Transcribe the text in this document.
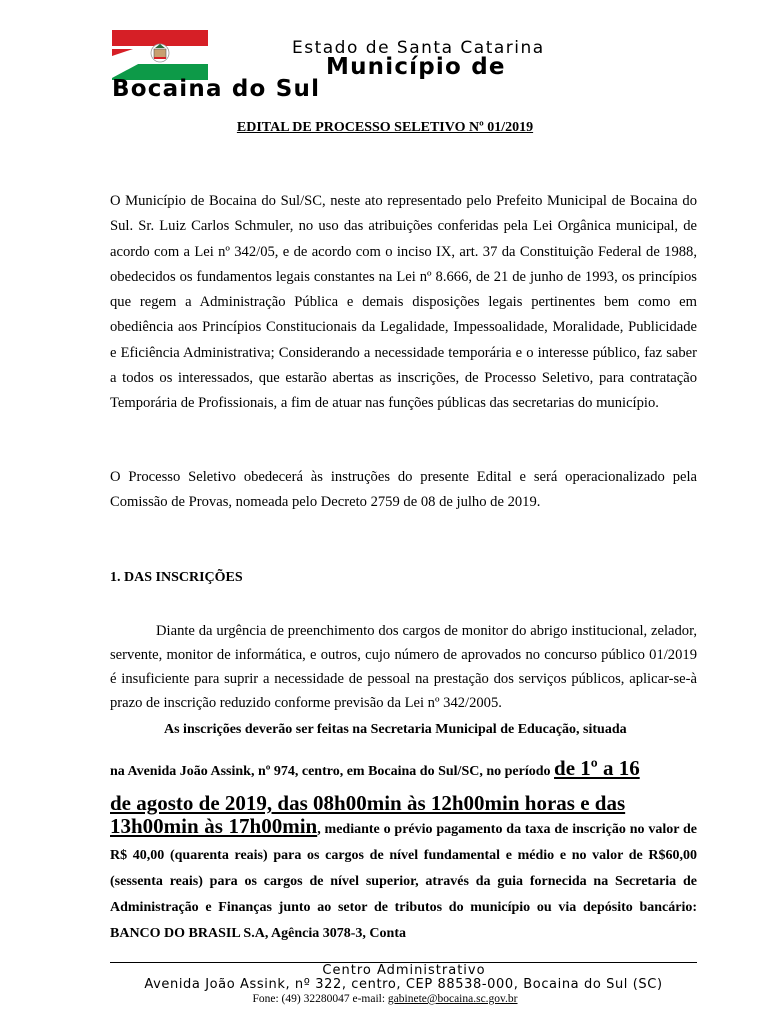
Estado de Santa Catarina
Município de
Bocaina do Sul
EDITAL DE PROCESSO SELETIVO Nº 01/2019

O Município de Bocaina do Sul/SC, neste ato representado pelo Prefeito Municipal de Bocaina do Sul. Sr. Luiz Carlos Schmuler, no uso das atribuições conferidas pela Lei Orgânica municipal, de acordo com a Lei nº 342/05, e de acordo com o inciso IX, art. 37 da Constituição Federal de 1988, obedecidos os fundamentos legais constantes na Lei nº 8.666, de 21 de junho de 1993, os princípios que regem a Administração Pública e demais disposições legais pertinentes bem como em obediência aos Princípios Constitucionais da Legalidade, Impessoalidade, Moralidade, Publicidade e Eficiência Administrativa; Considerando a necessidade temporária e o interesse público, faz saber a todos os interessados, que estarão abertas as inscrições, de Processo Seletivo, para contratação Temporária de Profissionais, a fim de atuar nas funções públicas das secretarias do município.

O Processo Seletivo obedecerá às instruções do presente Edital e será operacionalizado pela Comissão de Provas, nomeada pelo Decreto 2759 de 08 de julho de 2019.

1. DAS INSCRIÇÕES

Diante da urgência de preenchimento dos cargos de monitor do abrigo institucional, zelador, servente, monitor de informática, e outros, cujo número de aprovados no concurso público 01/2019 é insuficiente para suprir a necessidade de pessoal na prestação dos serviços públicos, aplicar-se-à prazo de inscrição reduzido conforme previsão da Lei nº 342/2005.

As inscrições deverão ser feitas na Secretaria Municipal de Educação, situada

na Avenida João Assink, nº 974, centro, em Bocaina do Sul/SC, no período de 1º a 16
de agosto de 2019, das 08h00min às 12h00min horas e das
13h00min às 17h00min, mediante o prévio pagamento da taxa de inscrição no valor de R$ 40,00 (quarenta reais) para os cargos de nível fundamental e médio e no valor de R$60,00 (sessenta reais) para os cargos de nível superior, através da guia fornecida na Secretaria de Administração e Finanças junto ao setor de tributos do município ou via depósito bancário: BANCO DO BRASIL S.A, Agência 3078-3, Conta
Centro Administrativo
Avenida João Assink, nº 322, centro, CEP 88538-000, Bocaina do Sul (SC)
Fone: (49) 32280047 e-mail: gabinete@bocaina.sc.gov.br
